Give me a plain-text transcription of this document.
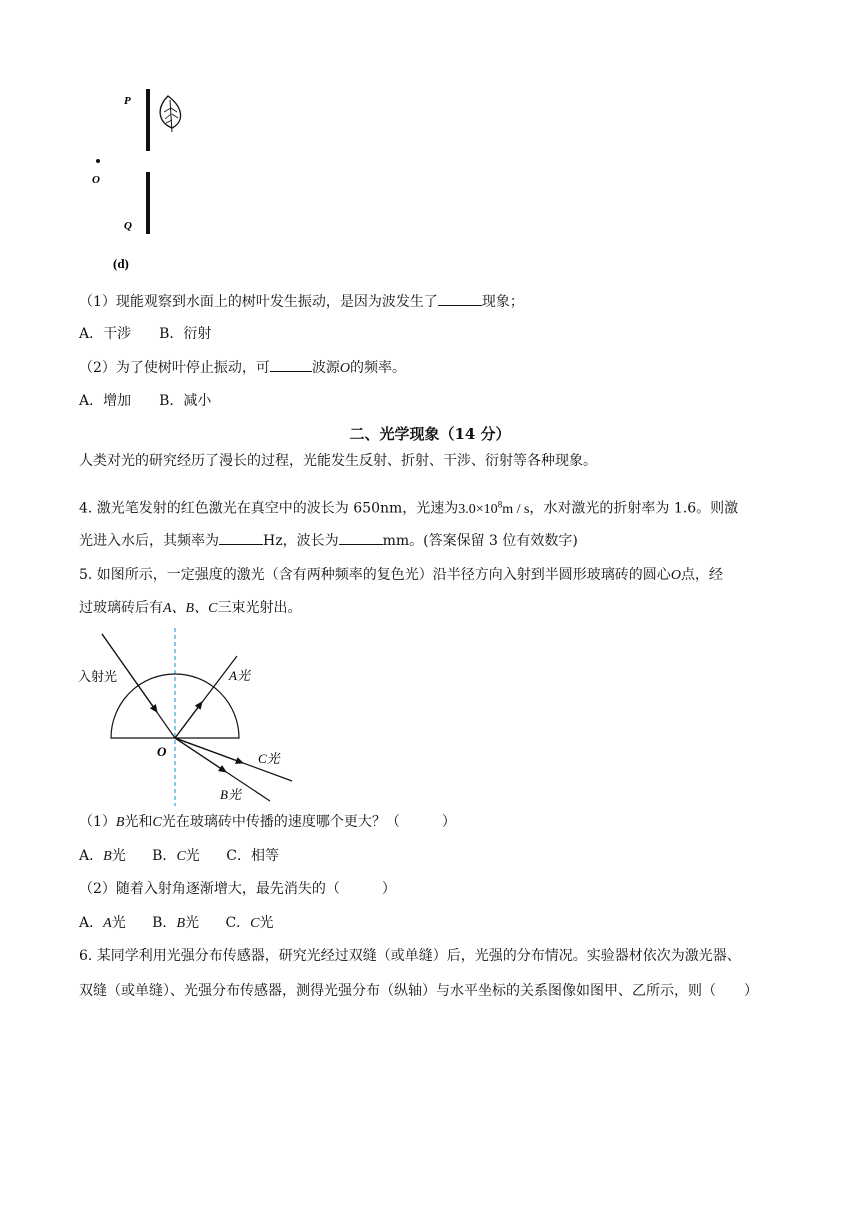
P
O
Q
(d)
（1）现能观察到水面上的树叶发生振动，是因为波发生了	现象；
A．干涉 B．衍射
（2）为了使树叶停止振动，可	波源O的频率。
A．增加 B．减小
二、光学现象（14 分）
人类对光的研究经历了漫长的过程，光能发生反射、折射、干涉、衍射等各种现象。
4. 激光笔发射的红色激光在真空中的波长为 650nm，光速为$3.0\times 10^8m / s$，水对激光的折射率为 1.6。则激
光进入水后，其频率为	Hz，波长为	mm。(答案保留 3 位有效数字)
5. 如图所示，一定强度的激光（含有两种频率的复色光）沿半径方向入射到半圆形玻璃砖的圆心O点，经
过玻璃砖后有A、B、C三束光射出。
入射光	A光
O	C光
B光
（1）B光和C光在玻璃砖中传播的速度哪个更大？（　　　）
A．B光 B．C光 C．相等
（2）随着入射角逐渐增大，最先消失的（　　　）
A．A光 B．B光 C．C光
6. 某同学利用光强分布传感器，研究光经过双缝（或单缝）后，光强的分布情况。实验器材依次为激光器、
双缝（或单缝）、光强分布传感器，测得光强分布（纵轴）与水平坐标的关系图像如图甲、乙所示，则（　　）
